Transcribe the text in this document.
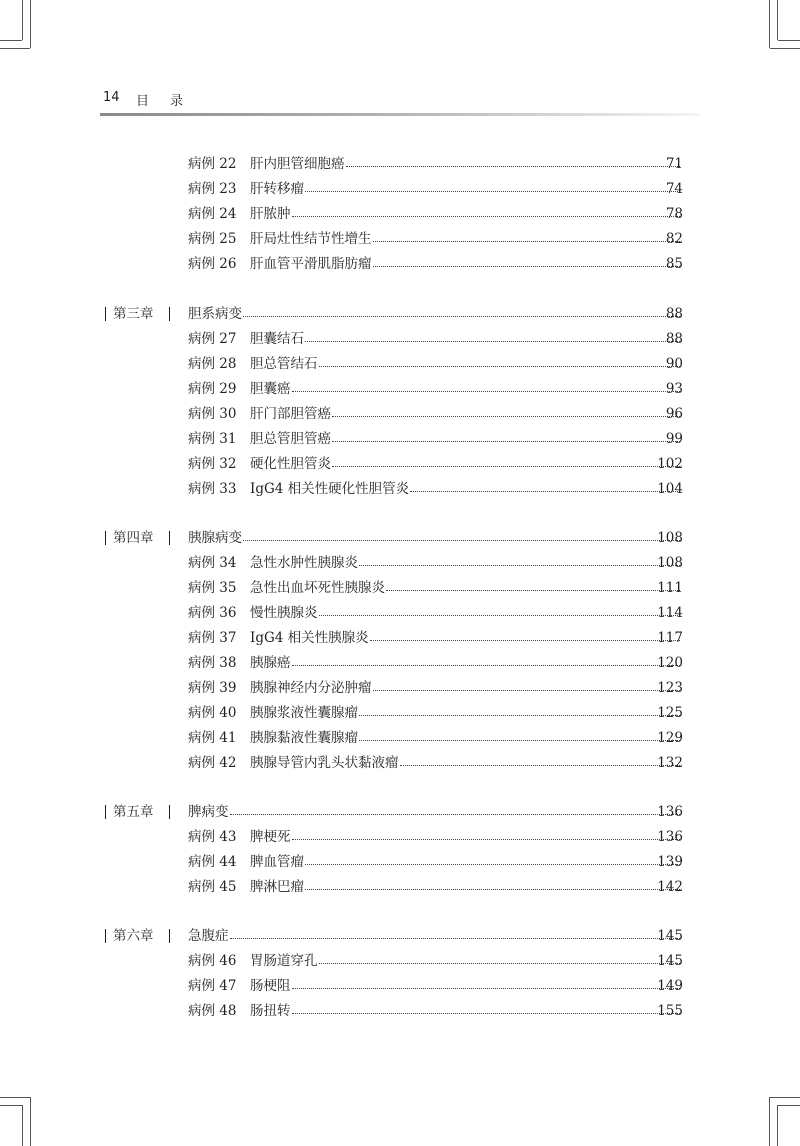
14	目 录
病例 22 肝内胆管细胞癌	71
病例 23 肝转移瘤	74
病例 24 肝脓肿	78
病例 25 肝局灶性结节性增生	82
病例 26 肝血管平滑肌脂肪瘤	85
第三章	胆系病变	88
病例 27 胆囊结石	88
病例 28 胆总管结石	90
病例 29 胆囊癌	93
病例 30 肝门部胆管癌	96
病例 31 胆总管胆管癌	99
病例 32 硬化性胆管炎	102
病例 33 IgG4 相关性硬化性胆管炎	104
第四章	胰腺病变	108
病例 34 急性水肿性胰腺炎	108
病例 35 急性出血坏死性胰腺炎	111
病例 36 慢性胰腺炎	114
病例 37 IgG4 相关性胰腺炎	117
病例 38 胰腺癌	120
病例 39 胰腺神经内分泌肿瘤	123
病例 40 胰腺浆液性囊腺瘤	125
病例 41 胰腺黏液性囊腺瘤	129
病例 42 胰腺导管内乳头状黏液瘤	132
第五章	脾病变	136
病例 43 脾梗死	136
病例 44 脾血管瘤	139
病例 45 脾淋巴瘤	142
第六章	急腹症	145
病例 46 胃肠道穿孔	145
病例 47 肠梗阻	149
病例 48 肠扭转	155
